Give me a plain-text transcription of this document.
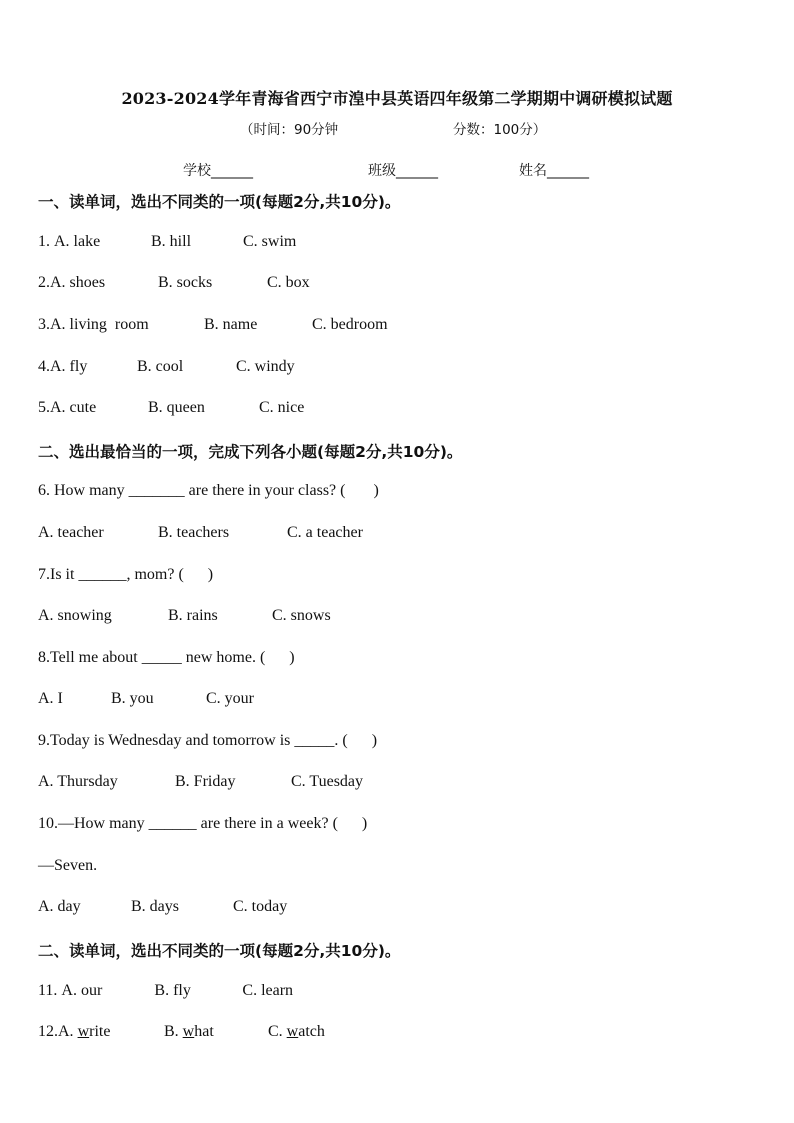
2023-2024学年青海省西宁市湟中县英语四年级第二学期期中调研模拟试题
（时间：90分钟	分数：100分）
学校______	班级______	姓名______
一、读单词，选出不同类的一项(每题2分,共10分)。
1. A. lake	B. hill	C. swim
2.A. shoes	B. socks	C. box
3.A. living  room	B. name	C. bedroom
4.A. fly	B. cool	C. windy
5.A. cute	B. queen	C. nice
二、选出最恰当的一项，完成下列各小题(每题2分,共10分)。
6. How many _______ are there in your class? (       )
A. teacher	B. teachers	C. a teacher
7.Is it ______, mom? (      )
A. snowing	B. rains	C. snows
8.Tell me about _____ new home. (      )
A. I	B. you	C. your
9.Today is Wednesday and tomorrow is _____. (      )
A. Thursday	B. Friday	C. Tuesday
10.—How many ______ are there in a week? (      )
—Seven.
A. day	B. days	C. today
二、读单词，选出不同类的一项(每题2分,共10分)。
11. A. our	B. fly	C. learn
12.A. write	B. what	C. watch
